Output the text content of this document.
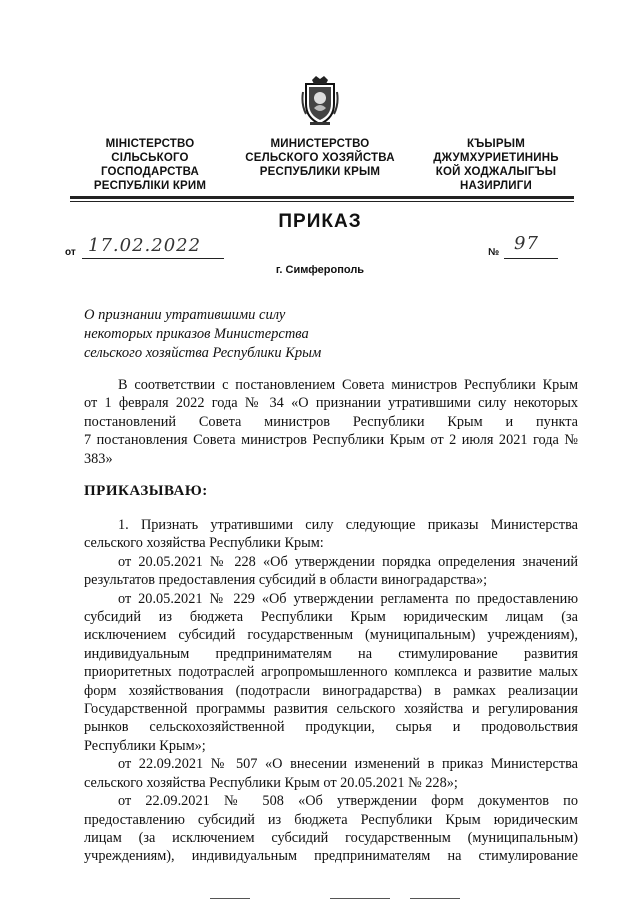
МІНІСТЕРСТВО
СІЛЬСЬКОГО
ГОСПОДАРСТВА
РЕСПУБЛІКИ КРИМ
МИНИСТЕРСТВО
СЕЛЬСКОГО ХОЗЯЙСТВА
РЕСПУБЛИКИ КРЫМ
КЪЫРЫМ
ДЖУМХУРИЕТИНИНЬ
КОЙ ХОДЖАЛЫГЪЫ
НАЗИРЛИГИ
ПРИКАЗ
от 17.02.2022	№ 97
г. Симферополь
О признании утратившими силу
некоторых приказов Министерства
сельского хозяйства Республики Крым
В соответствии с постановлением Совета министров Республики Крым
от 1 февраля 2022 года № 34 «О признании утратившими силу некоторых
постановлений Совета министров Республики Крым и пункта
7 постановления Совета министров Республики Крым от 2 июля 2021 года №
383»
ПРИКАЗЫВАЮ:
1. Признать утратившими силу следующие приказы Министерства
сельского хозяйства Республики Крым:
от 20.05.2021 № 228 «Об утверждении порядка определения значений
результатов предоставления субсидий в области виноградарства»;
от 20.05.2021 № 229 «Об утверждении регламента по предоставлению
субсидий из бюджета Республики Крым юридическим лицам (за
исключением субсидий государственным (муниципальным) учреждениям),
индивидуальным предпринимателям на стимулирование развития
приоритетных подотраслей агропромышленного комплекса и развитие малых
форм хозяйствования (подотрасли виноградарства) в рамках реализации
Государственной программы развития сельского хозяйства и регулирования
рынков сельскохозяйственной продукции, сырья и продовольствия
Республики Крым»;
от 22.09.2021 № 507 «О внесении изменений в приказ Министерства
сельского хозяйства Республики Крым от 20.05.2021 № 228»;
от 22.09.2021 № 508 «Об утверждении форм документов по
предоставлению субсидий из бюджета Республики Крым юридическим
лицам (за исключением субсидий государственным (муниципальным)
учреждениям), индивидуальным предпринимателям на стимулирование
